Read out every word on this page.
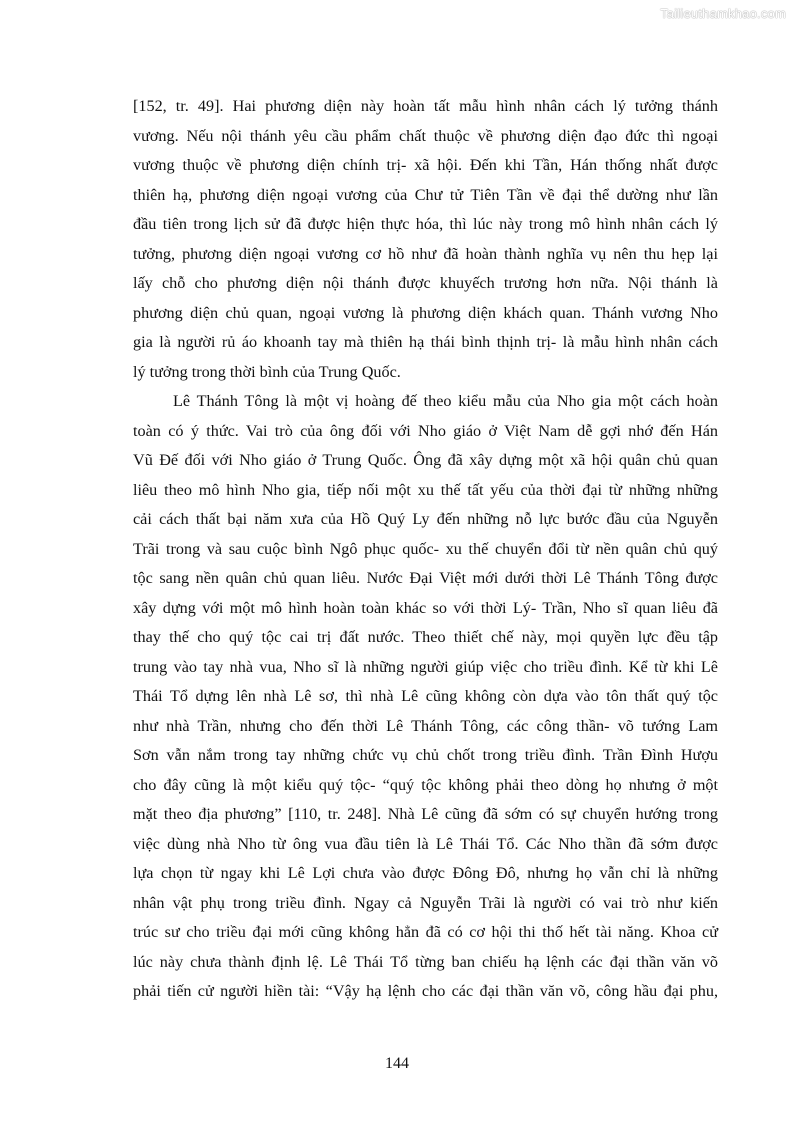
Tailieuthamkhao.com
[152, tr. 49]. Hai phương diện này hoàn tất mẫu hình nhân cách lý tưởng thánh
vương. Nếu nội thánh yêu cầu phẩm chất thuộc về phương diện đạo đức thì ngoại
vương thuộc về phương diện chính trị- xã hội. Đến khi Tần, Hán thống nhất được
thiên hạ, phương diện ngoại vương của Chư tử Tiên Tần về đại thể dường như lần
đầu tiên trong lịch sử đã được hiện thực hóa, thì lúc này trong mô hình nhân cách lý
tưởng, phương diện ngoại vương cơ hồ như đã hoàn thành nghĩa vụ nên thu hẹp lại
lấy chỗ cho phương diện nội thánh được khuyếch trương hơn nữa. Nội thánh là
phương diện chủ quan, ngoại vương là phương diện khách quan. Thánh vương Nho
gia là người rủ áo khoanh tay mà thiên hạ thái bình thịnh trị- là mẫu hình nhân cách
lý tưởng trong thời bình của Trung Quốc.
Lê Thánh Tông là một vị hoàng đế theo kiểu mẫu của Nho gia một cách hoàn
toàn có ý thức. Vai trò của ông đối với Nho giáo ở Việt Nam dễ gợi nhớ đến Hán
Vũ Đế đối với Nho giáo ở Trung Quốc. Ông đã xây dựng một xã hội quân chủ quan
liêu theo mô hình Nho gia, tiếp nối một xu thế tất yếu của thời đại từ những những
cải cách thất bại năm xưa của Hồ Quý Ly đến những nỗ lực bước đầu của Nguyễn
Trãi trong và sau cuộc bình Ngô phục quốc- xu thế chuyển đổi từ nền quân chủ quý
tộc sang nền quân chủ quan liêu. Nước Đại Việt mới dưới thời Lê Thánh Tông được
xây dựng với một mô hình hoàn toàn khác so với thời Lý- Trần, Nho sĩ quan liêu đã
thay thế cho quý tộc cai trị đất nước. Theo thiết chế này, mọi quyền lực đều tập
trung vào tay nhà vua, Nho sĩ là những người giúp việc cho triều đình. Kể từ khi Lê
Thái Tổ dựng lên nhà Lê sơ, thì nhà Lê cũng không còn dựa vào tôn thất quý tộc
như nhà Trần, nhưng cho đến thời Lê Thánh Tông, các công thần- võ tướng Lam
Sơn vẫn nắm trong tay những chức vụ chủ chốt trong triều đình. Trần Đình Hượu
cho đây cũng là một kiểu quý tộc- “quý tộc không phải theo dòng họ nhưng ở một
mặt theo địa phương” [110, tr. 248]. Nhà Lê cũng đã sớm có sự chuyển hướng trong
việc dùng nhà Nho từ ông vua đầu tiên là Lê Thái Tổ. Các Nho thần đã sớm được
lựa chọn từ ngay khi Lê Lợi chưa vào được Đông Đô, nhưng họ vẫn chỉ là những
nhân vật phụ trong triều đình. Ngay cả Nguyễn Trãi là người có vai trò như kiến
trúc sư cho triều đại mới cũng không hẳn đã có cơ hội thi thố hết tài năng. Khoa cử
lúc này chưa thành định lệ. Lê Thái Tổ từng ban chiếu hạ lệnh các đại thần văn võ
phải tiến cử người hiền tài: “Vậy hạ lệnh cho các đại thần văn võ, công hầu đại phu,
144
